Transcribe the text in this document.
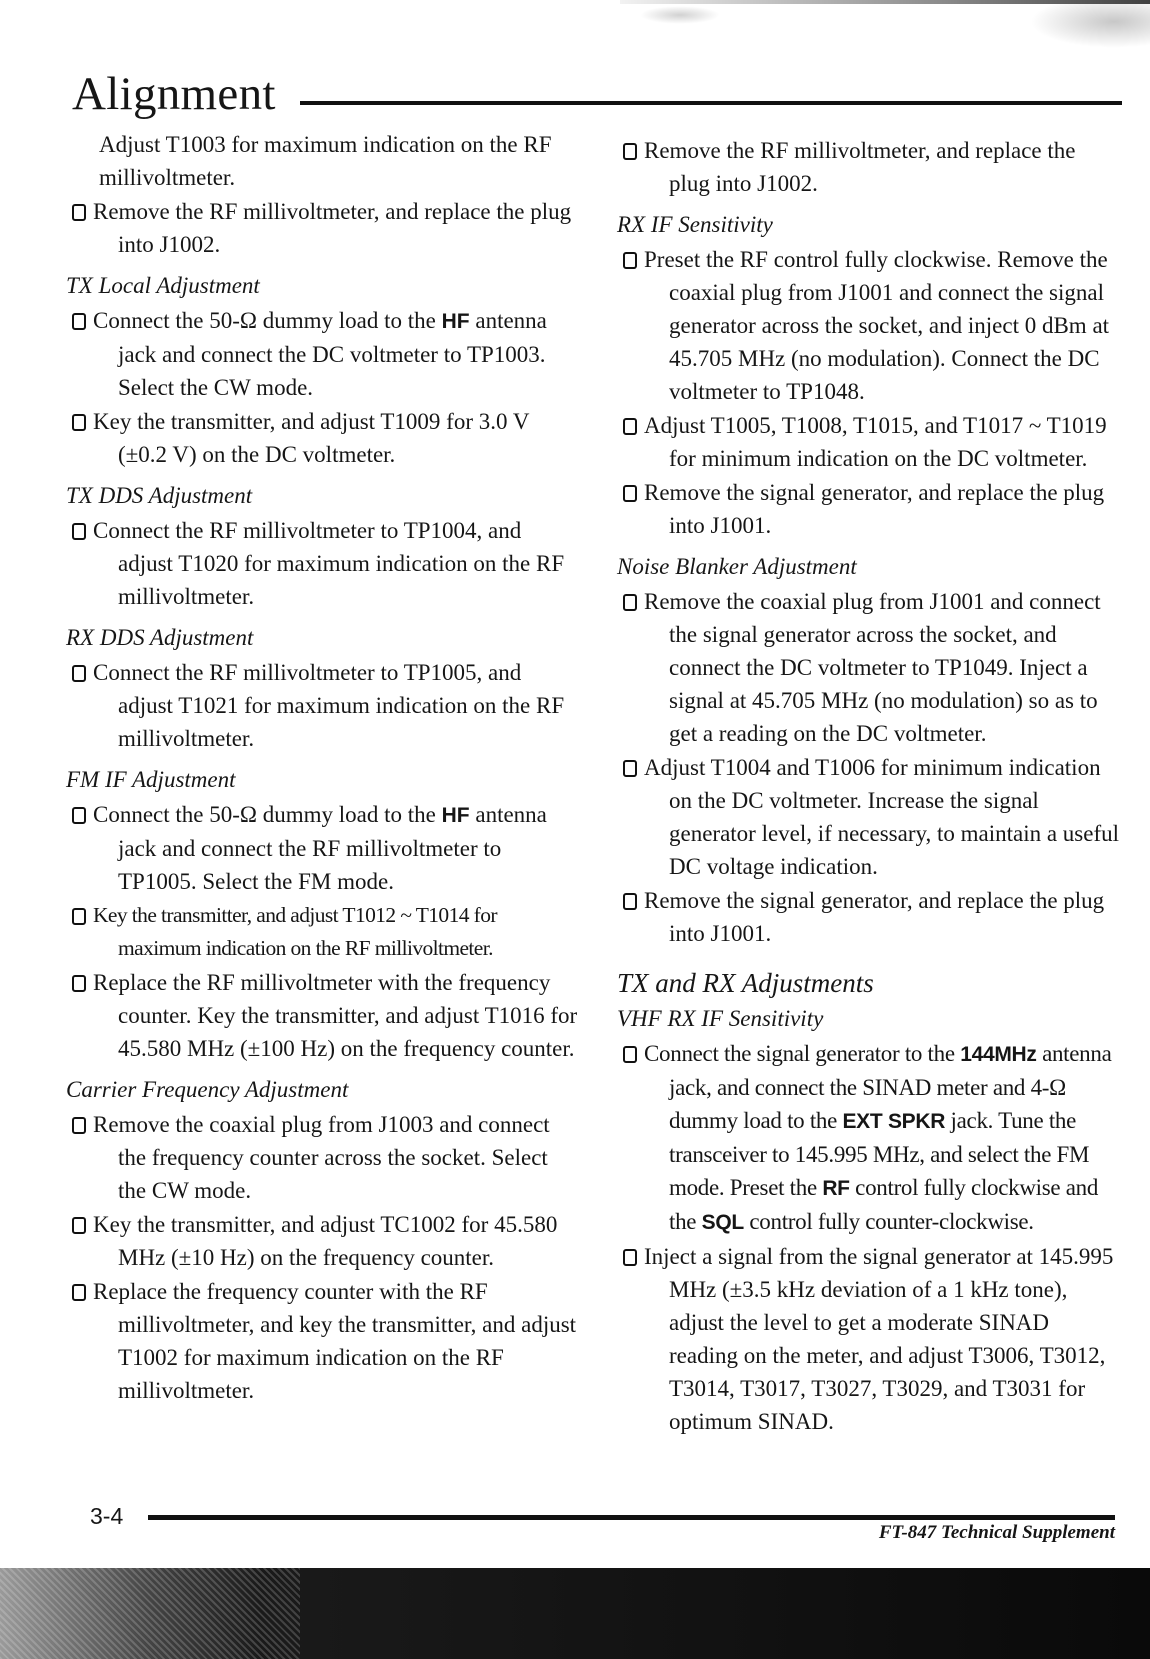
Alignment

Adjust T1003 for maximum indication on the RF millivoltmeter.

Remove the RF millivoltmeter, and replace the plug into J1002.

TX Local Adjustment

Connect the 50-Ω dummy load to the HF antenna jack and connect the DC voltmeter to TP1003. Select the CW mode.

Key the transmitter, and adjust T1009 for 3.0 V (±0.2 V) on the DC voltmeter.

TX DDS Adjustment

Connect the RF millivoltmeter to TP1004, and adjust T1020 for maximum indication on the RF millivoltmeter.

RX DDS Adjustment

Connect the RF millivoltmeter to TP1005, and adjust T1021 for maximum indication on the RF millivoltmeter.

FM IF Adjustment

Connect the 50-Ω dummy load to the HF antenna jack and connect the RF millivoltmeter to TP1005. Select the FM mode.

Key the transmitter, and adjust T1012 ~ T1014 for maximum indication on the RF millivoltmeter.

Replace the RF millivoltmeter with the frequency counter. Key the transmitter, and adjust T1016 for 45.580 MHz (±100 Hz) on the frequency counter.

Carrier Frequency Adjustment

Remove the coaxial plug from J1003 and connect the frequency counter across the socket. Select the CW mode.

Key the transmitter, and adjust TC1002 for 45.580 MHz (±10 Hz) on the frequency counter.

Replace the frequency counter with the RF millivoltmeter, and key the transmitter, and adjust T1002 for maximum indication on the RF millivoltmeter.

Remove the RF millivoltmeter, and replace the plug into J1002.

RX IF Sensitivity

Preset the RF control fully clockwise. Remove the coaxial plug from J1001 and connect the signal generator across the socket, and inject 0 dBm at 45.705 MHz (no modulation). Connect the DC voltmeter to TP1048.

Adjust T1005, T1008, T1015, and T1017 ~ T1019 for minimum indication on the DC voltmeter.

Remove the signal generator, and replace the plug into J1001.

Noise Blanker Adjustment

Remove the coaxial plug from J1001 and connect the signal generator across the socket, and connect the DC voltmeter to TP1049. Inject a signal at 45.705 MHz (no modulation) so as to get a reading on the DC voltmeter.

Adjust T1004 and T1006 for minimum indication on the DC voltmeter. Increase the signal generator level, if necessary, to maintain a useful DC voltage indication.

Remove the signal generator, and replace the plug into J1001.

TX and RX Adjustments
VHF RX IF Sensitivity

Connect the signal generator to the 144MHz antenna jack, and connect the SINAD meter and 4-Ω dummy load to the EXT SPKR jack. Tune the transceiver to 145.995 MHz, and select the FM mode. Preset the RF control fully clockwise and the SQL control fully counter-clockwise.

Inject a signal from the signal generator at 145.995 MHz (±3.5 kHz deviation of a 1 kHz tone), adjust the level to get a moderate SINAD reading on the meter, and adjust T3006, T3012, T3014, T3017, T3027, T3029, and T3031 for optimum SINAD.

3-4
FT-847 Technical Supplement
